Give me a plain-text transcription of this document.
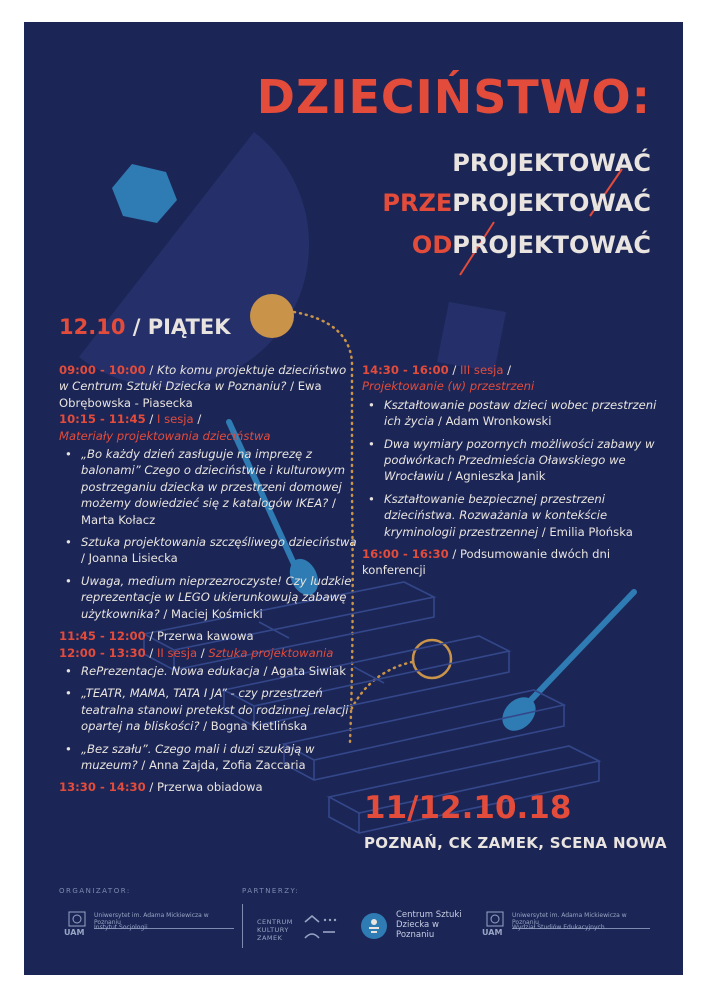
DZIECIŃSTWO:
PROJEKTOWAĆ
PRZEPROJEKTOWAĆ
ODPROJEKTOWAĆ
12.10 / PIĄTEK

09:00 - 10:00 / Kto komu projektuje dzieciństwo w Centrum Sztuki Dziecka w Poznaniu? / Ewa Obrębowska - Piasecka

10:15 - 11:45 / I sesja /
Materiały projektowania dzieciństwa

• „Bo każdy dzień zasługuje na imprezę z balonami” Czego o dzieciństwie i kulturowym postrzeganiu dziecka w przestrzeni domowej możemy dowiedzieć się z katalogów IKEA? / Marta Kołacz
• Sztuka projektowania szczęśliwego dzieciństwa / Joanna Lisiecka
• Uwaga, medium nieprzezroczyste! Czy ludzkie reprezentacje w LEGO ukierunkowują zabawę użytkownika? / Maciej Kośmicki

11:45 - 12:00 / Przerwa kawowa

12:00 - 13:30 / II sesja / Sztuka projektowania

• RePrezentacje. Nowa edukacja / Agata Siwiak
• „TEATR, MAMA, TATA I JA” - czy przestrzeń teatralna stanowi pretekst do rodzinnej relacji opartej na bliskości? / Bogna Kietlińska
• „Bez szału”. Czego mali i duzi szukają w muzeum? / Anna Zajda, Zofia Zaccaria

13:30 - 14:30 / Przerwa obiadowa

14:30 - 16:00 / III sesja /
Projektowanie (w) przestrzeni

• Kształtowanie postaw dzieci wobec przestrzeni ich życia / Adam Wronkowski
• Dwa wymiary pozornych możliwości zabawy w podwórkach Przedmieścia Oławskiego we Wrocławiu / Agnieszka Janik
• Kształtowanie bezpiecznej przestrzeni dzieciństwa. Rozważania w kontekście kryminologii przestrzennej / Emilia Płońska

16:00 - 16:30 / Podsumowanie dwóch dni konferencji

11/12.10.18
POZNAŃ, CK ZAMEK, SCENA NOWA
ORGANIZATOR:	PARTNERZY:
UAM
Uniwersytet im. Adama Mickiewicza w Poznaniu
Instytut Socjologii
CENTRUM KULTURY ZAMEK
Centrum Sztuki Dziecka w Poznaniu	UAM
Uniwersytet im. Adama Mickiewicza w Poznaniu
Wydział Studiów Edukacyjnych
